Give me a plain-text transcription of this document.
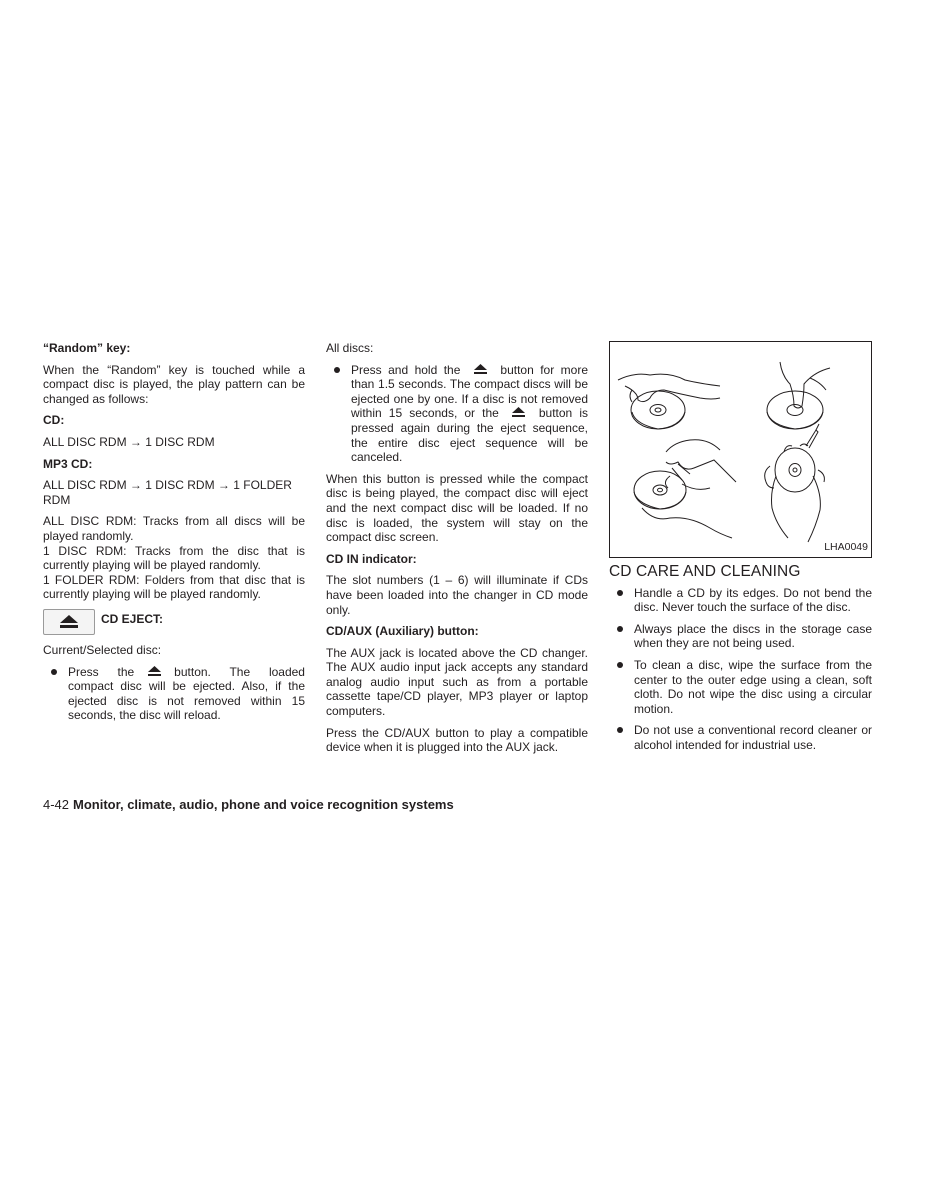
“Random” key:

When the “Random” key is touched while a compact disc is played, the play pattern can be changed as follows:

CD:

ALL DISC RDM → 1 DISC RDM

MP3 CD:

ALL DISC RDM → 1 DISC RDM → 1 FOLDER RDM

ALL DISC RDM: Tracks from all discs will be played randomly.

1 DISC RDM: Tracks from the disc that is currently playing will be played randomly.

1 FOLDER RDM: Folders from that disc that is currently playing will be played randomly.

CD EJECT:

Current/Selected disc:

Press the	button. The loaded compact disc will be ejected. Also, if the ejected disc is not removed within 15 seconds, the disc will reload.

All discs:

Press and hold the	button for more than 1.5 seconds. The compact discs will be ejected one by one. If a disc is not removed within 15 seconds, or the	button is pressed again during the eject sequence, the entire disc eject sequence will be canceled.

When this button is pressed while the compact disc is being played, the compact disc will eject and the next compact disc will be loaded. If no disc is loaded, the system will stay on the compact disc screen.

CD IN indicator:

The slot numbers (1 – 6) will illuminate if CDs have been loaded into the changer in CD mode only.

CD/AUX (Auxiliary) button:

The AUX jack is located above the CD changer. The AUX audio input jack accepts any standard analog audio input such as from a portable cassette tape/CD player, MP3 player or laptop computers.

Press the CD/AUX button to play a compatible device when it is plugged into the AUX jack.

LHA0049
CD CARE AND CLEANING
Handle a CD by its edges. Do not bend the disc. Never touch the surface of the disc.
Always place the discs in the storage case when they are not being used.
To clean a disc, wipe the surface from the center to the outer edge using a clean, soft cloth. Do not wipe the disc using a circular motion.
Do not use a conventional record cleaner or alcohol intended for industrial use.
4-42 Monitor, climate, audio, phone and voice recognition systems
